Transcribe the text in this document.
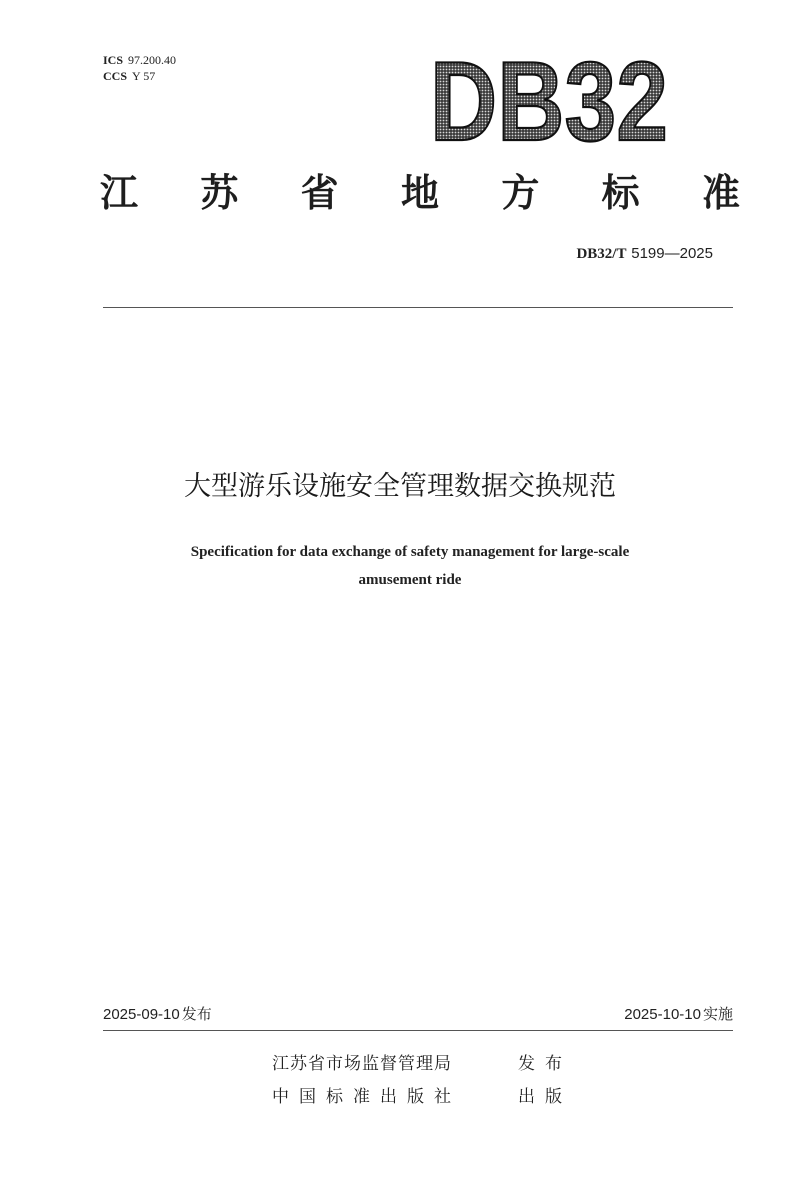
ICS 97.200.40
CCS Y 57 DB32
江 苏 省 地 方 标 准
DB32/T 5199—2025
大型游乐设施安全管理数据交换规范
Specification for data exchange of safety management for large-scale
amusement ride
2025-09-10 发布	2025-10-10 实施
江苏省市场监督管理局	发布
中国标准出版社	出版
